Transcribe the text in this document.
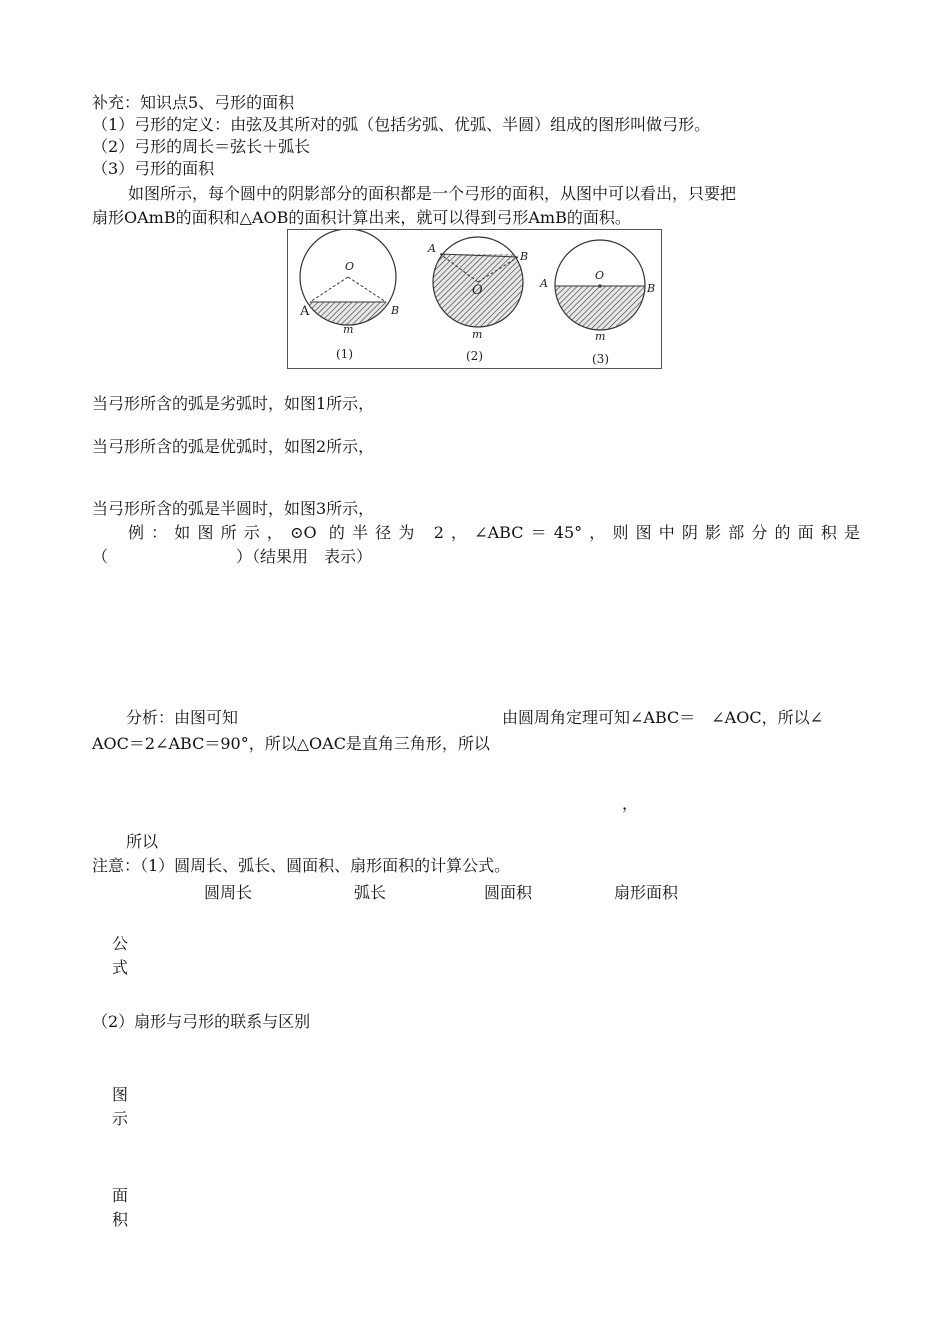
补充：知识点5、弓形的面积
（1）弓形的定义：由弦及其所对的弧（包括劣弧、优弧、半圆）组成的图形叫做弓形。
（2）弓形的周长＝弦长＋弧长
（3）弓形的面积
如图所示，每个圆中的阴影部分的面积都是一个弓形的面积，从图中可以看出，只要把
扇形OAmB的面积和△AOB的面积计算出来，就可以得到弓形AmB的面积。
O
A	B
m
(1)
A
B
O
m
(2)
O
A	B
m
(3)
当弓形所含的弧是劣弧时，如图1所示，
当弓形所含的弧是优弧时，如图2所示，
当弓形所含的弧是半圆时，如图3所示，
例：如图所示，⊙O 的半径为 2，∠ABC＝45°，则图中阴影部分的面积是
（　　　　　　　　）（结果用　表示）
分析：由图可知	由圆周角定理可知∠ABC＝　∠AOC，所以∠
AOC＝2∠ABC＝90°，所以△OAC是直角三角形，所以
，
所以
注意：（1）圆周长、弧长、圆面积、扇形面积的计算公式。
圆周长	弧长	圆面积	扇形面积
公
式
（2）扇形与弓形的联系与区别
图
示
面
积
